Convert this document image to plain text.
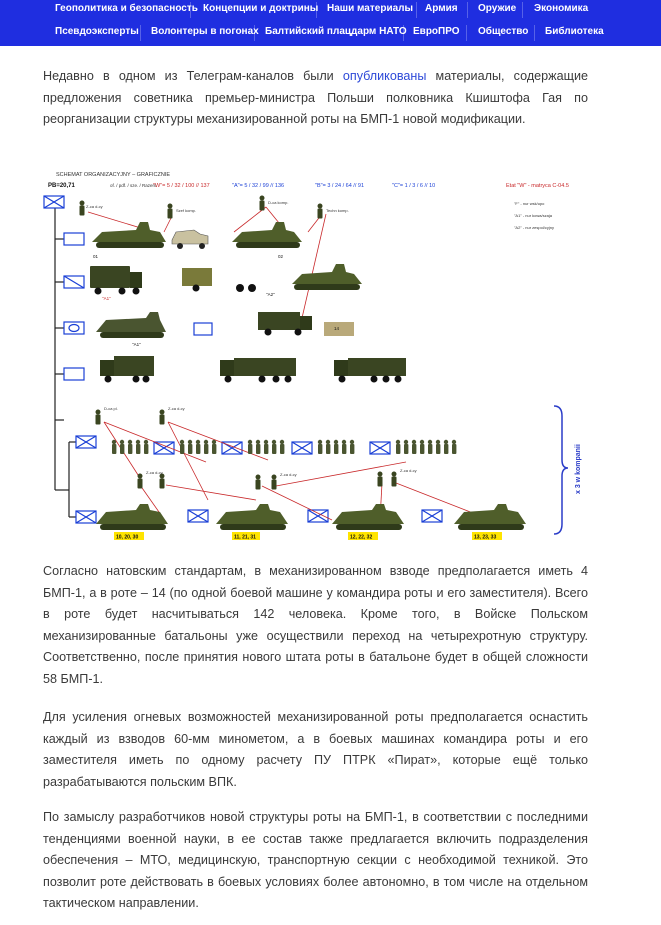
Геополитика и безопасность Концепции и доктрины Наши материалы Армия Оружие Экономика
Псевдоэксперты Волонтеры в погонах Балтийский плацдарм НАТО ЕвроПРО Общество Библиотека

Недавно в одном из Телеграм-каналов были опубликованы материалы, содержащие предложения советника премьер-министра Польши полковника Кшиштофа Гая по реорганизации структуры механизированной роты на БМП-1 новой модификации.

SCHEMAT ORGANIZACYJNY – GRAFICZNIE
PB=20,71	of. / pdf. / sze. / Razem
"W"= 5 / 32 / 100 // 137	"A"= 5 / 32 / 99 // 136	"B"= 3 / 24 / 64 // 91	"C"= 1 / 3 / 6 // 10	Etat "W" - matryca C-04.5
"F" - nur wsk/upo
"A1" - nur kowa/szaja
"A2" - nur zespol/cyjny
01	02
"A1"
"A2"
"A1"
14
10, 20, 30	11, 21, 31	12, 22, 32	13, 23, 33
Z-ca d-cy
Szef komp.
D-ca komp.
Techn komp.
D-ca pl.	Z-ca d-cy
Z-ca d-cy	Z-ca d-cy
Z-ca d-cy	x 3 w kompanii

Согласно натовским стандартам, в механизированном взводе предполагается иметь 4 БМП-1, а в роте – 14 (по одной боевой машине у командира роты и его заместителя). Всего в роте будет насчитываться 142 человека. Кроме того, в Войске Польском механизированные батальоны уже осуществили переход на четырехротную структуру. Соответственно, после принятия нового штата роты в батальоне будет в общей сложности 58 БМП-1.

Для усиления огневых возможностей механизированной роты предполагается оснастить каждый из взводов 60-мм минометом, а в боевых машинах командира роты и его заместителя иметь по одному расчету ПУ ПТРК «Пират», которые ещё только разрабатываются польским ВПК.

По замыслу разработчиков новой структуры роты на БМП-1, в соответствии с последними тенденциями военной науки, в ее состав также предлагается включить подразделения обеспечения – МТО, медицинскую, транспортную секции с необходимой техникой. Это позволит роте действовать в боевых условиях более автономно, в том числе на отдельном тактическом направлении.
